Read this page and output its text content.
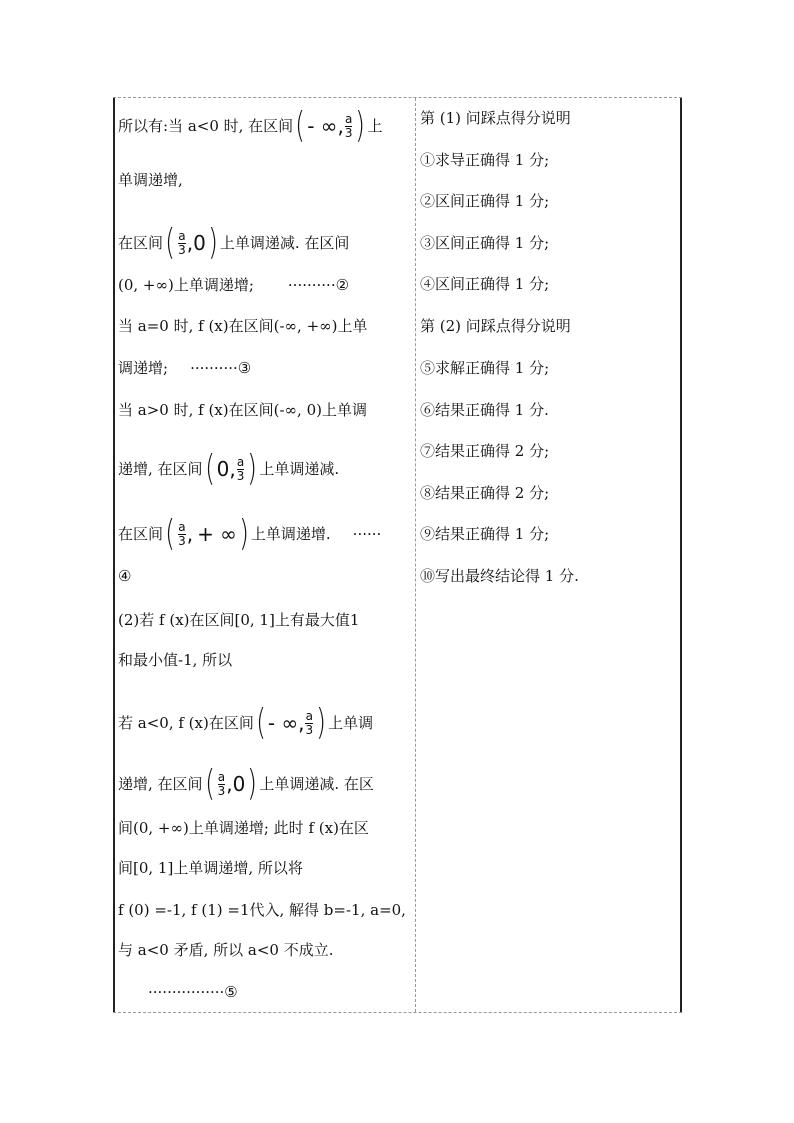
所以有:当 a<0 时, 在区间 ( - ∞, $\frac{a}{3}$ ) 上
单调递增,
在区间 ( $\frac{a}{3}$ , 0 ) 上单调递减. 在区间
(0, +∞)上单调递增; ··········②
当 a=0 时, f (x)在区间(-∞, +∞)上单
调递增; ··········③
当 a>0 时, f (x)在区间(-∞, 0)上单调
递增, 在区间 ( 0, $\frac{a}{3}$ ) 上单调递减.
在区间 ( $\frac{a}{3}$ , + ∞ ) 上单调递增. ······
④
(2)若 f (x)在区间[0, 1]上有最大值1
和最小值-1, 所以
若 a<0, f (x)在区间 ( - ∞, $\frac{a}{3}$ ) 上单调
递增, 在区间 ( $\frac{a}{3}$ , 0 ) 上单调递减. 在区
间(0, +∞)上单调递增; 此时 f (x)在区
间[0, 1]上单调递增, 所以将
f (0) =-1, f (1) =1代入, 解得 b=-1, a=0,
与 a<0 矛盾, 所以 a<0 不成立.
················⑤
第 (1) 问踩点得分说明
①求导正确得 1 分;
②区间正确得 1 分;
③区间正确得 1 分;
④区间正确得 1 分;
第 (2) 问踩点得分说明
⑤求解正确得 1 分;
⑥结果正确得 1 分.
⑦结果正确得 2 分;
⑧结果正确得 2 分;
⑨结果正确得 1 分;
⑩写出最终结论得 1 分.
